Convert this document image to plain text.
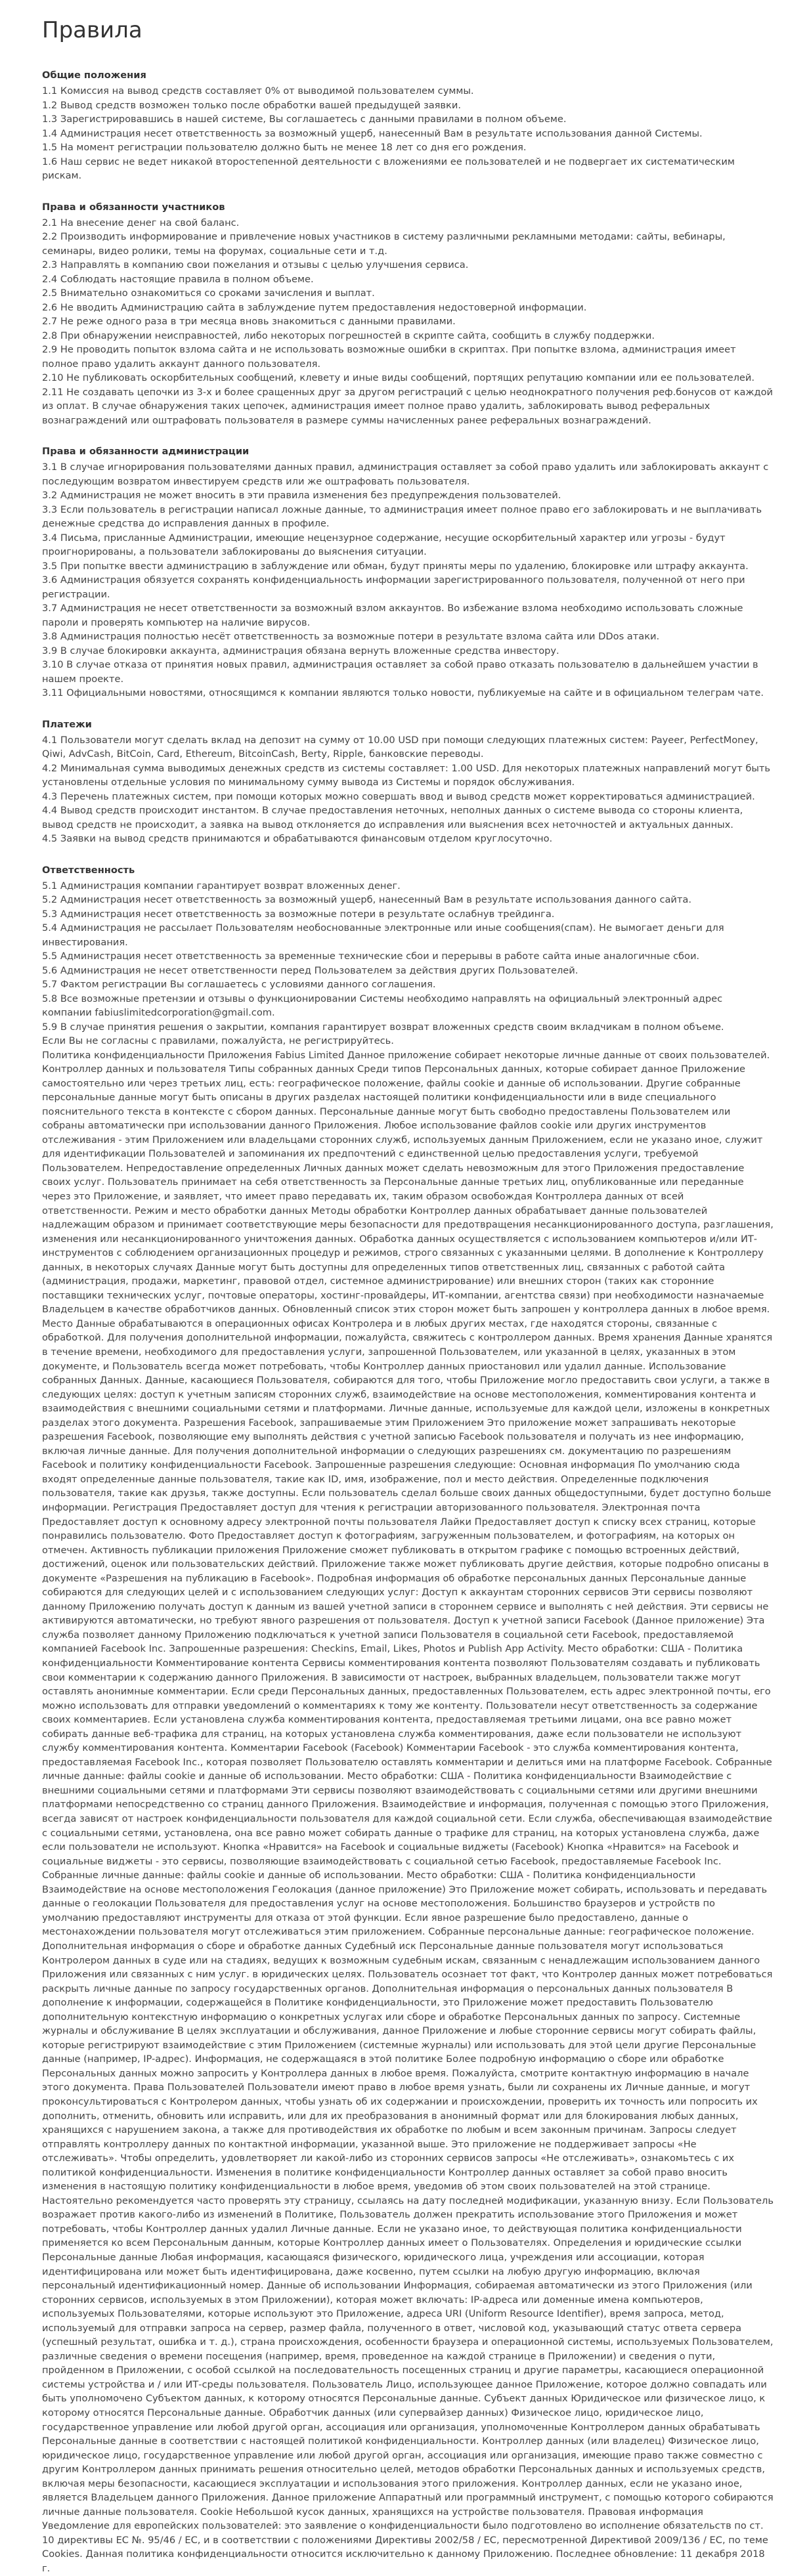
Правила
Общие положения

1.1 Комиссия на вывод средств составляет 0% от выводимой пользователем суммы.

1.2 Вывод средств возможен только после обработки вашей предыдущей заявки.

1.3 Зарегистрировавшись в нашей системе, Вы соглашаетесь с данными правилами в полном объеме.

1.4 Администрация несет ответственность за возможный ущерб, нанесенный Вам в результате использования данной Системы.

1.5 На момент регистрации пользователю должно быть не менее 18 лет со дня его рождения.

1.6 Наш сервис не ведет никакой второстепенной деятельности с вложениями ее пользователей и не подвергает их систематическим рискам.

Права и обязанности участников

2.1 На внесение денег на свой баланс.

2.2 Производить информирование и привлечение новых участников в систему различными рекламными методами: сайты, вебинары, семинары, видео ролики, темы на форумах, социальные сети и т.д.

2.3 Направлять в компанию свои пожелания и отзывы с целью улучшения сервиса.

2.4 Соблюдать настоящие правила в полном объеме.

2.5 Внимательно ознакомиться со сроками зачисления и выплат.

2.6 Не вводить Администрацию сайта в заблуждение путем предоставления недостоверной информации.

2.7 Не реже одного раза в три месяца вновь знакомиться с данными правилами.

2.8 При обнаружении неисправностей, либо некоторых погрешностей в скрипте сайта, сообщить в службу поддержки.

2.9 Не проводить попыток взлома сайта и не использовать возможные ошибки в скриптах. При попытке взлома, администрация имеет полное право удалить аккаунт данного пользователя.

2.10 Не публиковать оскорбительных сообщений, клевету и иные виды сообщений, портящих репутацию компании или ее пользователей.

2.11 Не создавать цепочки из 3-х и более сращенных друг за другом регистраций с целью неоднократного получения реф.бонусов от каждой из оплат. В случае обнаружения таких цепочек, администрация имеет полное право удалить, заблокировать вывод реферальных вознаграждений или оштрафовать пользователя в размере суммы начисленных ранее реферальных вознаграждений.

Права и обязанности администрации

3.1 В случае игнорирования пользователями данных правил, администрация оставляет за собой право удалить или заблокировать аккаунт с последующим возвратом инвестируем средств или же оштрафовать пользователя.

3.2 Администрация не может вносить в эти правила изменения без предупреждения пользователей.

3.3 Если пользователь в регистрации написал ложные данные, то администрация имеет полное право его заблокировать и не выплачивать денежные средства до исправления данных в профиле.

3.4 Письма, присланные Администрации, имеющие нецензурное содержание, несущие оскорбительный характер или угрозы - будут проигнорированы, а пользователи заблокированы до выяснения ситуации.

3.5 При попытке ввести администрацию в заблуждение или обман, будут приняты меры по удалению, блокировке или штрафу аккаунта.

3.6 Администрация обязуется сохранять конфиденциальность информации зарегистрированного пользователя, полученной от него при регистрации.

3.7 Администрация не несет ответственности за возможный взлом аккаунтов. Во избежание взлома необходимо использовать сложные пароли и проверять компьютер на наличие вирусов.

3.8 Администрация полностью несёт ответственность за возможные потери в результате взлома сайта или DDos атаки.

3.9 В случае блокировки аккаунта, администрация обязана вернуть вложенные средства инвестору.

3.10 В случае отказа от принятия новых правил, администрация оставляет за собой право отказать пользователю в дальнейшем участии в нашем проекте.

3.11 Официальными новостями, относящимся к компании являются только новости, публикуемые на сайте и в официальном телеграм чате.

Платежи

4.1 Пользователи могут сделать вклад на депозит на сумму от 10.00 USD при помощи следующих платежных систем: Payeer, PerfectMoney, Qiwi, AdvCash, BitCoin, Card, Ethereum, BitcoinCash, Berty, Ripple, банковские переводы.

4.2 Минимальная сумма выводимых денежных средств из системы составляет: 1.00 USD. Для некоторых платежных направлений могут быть установлены отдельные условия по минимальному сумму вывода из Системы и порядок обслуживания.

4.3 Перечень платежных систем, при помощи которых можно совершать ввод и вывод средств может корректироваться администрацией.

4.4 Вывод средств происходит инстантом. В случае предоставления неточных, неполных данных о системе вывода со стороны клиента, вывод средств не происходит, а заявка на вывод отклоняется до исправления или выяснения всех неточностей и актуальных данных.

4.5 Заявки на вывод средств принимаются и обрабатываются финансовым отделом круглосуточно.

Ответственность

5.1 Администрация компании гарантирует возврат вложенных денег.

5.2 Администрация несет ответственность за возможный ущерб, нанесенный Вам в результате использования данного сайта.

5.3 Администрация несет ответственность за возможные потери в результате ослабнув трейдинга.

5.4 Администрация не рассылает Пользователям необоснованные электронные или иные сообщения(спам). Не вымогает деньги для инвестирования.

5.5 Администрация несет ответственность за временные технические сбои и перерывы в работе сайта иные аналогичные сбои.

5.6 Администрация не несет ответственности перед Пользователем за действия других Пользователей.

5.7 Фактом регистрации Вы соглашаетесь с условиями данного соглашения.

5.8 Все возможные претензии и отзывы о функционировании Системы необходимо направлять на официальный электронный адрес компании fabiuslimitedcorporation@gmail.com.

5.9 В случае принятия решения о закрытии, компания гарантирует возврат вложенных средств своим вкладчикам в полном объеме.

Если Вы не согласны с правилами, пожалуйста, не регистрируйтесь.

Политика конфиденциальности Приложения Fabius Limited Данное приложение собирает некоторые личные данные от своих пользователей. Контроллер данных и пользователя Типы собранных данных Среди типов Персональных данных, которые собирает данное Приложение самостоятельно или через третьих лиц, есть: географическое положение, файлы cookie и данные об использовании. Другие собранные персональные данные могут быть описаны в других разделах настоящей политики конфиденциальности или в виде специального пояснительного текста в контексте с сбором данных. Персональные данные могут быть свободно предоставлены Пользователем или собраны автоматически при использовании данного Приложения. Любое использование файлов cookie или других инструментов отслеживания - этим Приложением или владельцами сторонних служб, используемых данным Приложением, если не указано иное, служит для идентификации Пользователей и запоминания их предпочтений с единственной целью предоставления услуги, требуемой Пользователем. Непредоставление определенных Личных данных может сделать невозможным для этого Приложения предоставление своих услуг. Пользователь принимает на себя ответственность за Персональные данные третьих лиц, опубликованные или переданные через это Приложение, и заявляет, что имеет право передавать их, таким образом освобождая Контроллера данных от всей ответственности. Режим и место обработки данных Методы обработки Контроллер данных обрабатывает данные пользователей надлежащим образом и принимает соответствующие меры безопасности для предотвращения несанкционированного доступа, разглашения, изменения или несанкционированного уничтожения данных. Обработка данных осуществляется с использованием компьютеров и/или ИТ-инструментов с соблюдением организационных процедур и режимов, строго связанных с указанными целями. В дополнение к Контроллеру данных, в некоторых случаях Данные могут быть доступны для определенных типов ответственных лиц, связанных с работой сайта (администрация, продажи, маркетинг, правовой отдел, системное администрирование) или внешних сторон (таких как сторонние поставщики технических услуг, почтовые операторы, хостинг-провайдеры, ИТ-компании, агентства связи) при необходимости назначаемые Владельцем в качестве обработчиков данных. Обновленный список этих сторон может быть запрошен у контроллера данных в любое время. Место Данные обрабатываются в операционных офисах Контролера и в любых других местах, где находятся стороны, связанные с обработкой. Для получения дополнительной информации, пожалуйста, свяжитесь с контроллером данных. Время хранения Данные хранятся в течение времени, необходимого для предоставления услуги, запрошенной Пользователем, или указанной в целях, указанных в этом документе, и Пользователь всегда может потребовать, чтобы Контроллер данных приостановил или удалил данные. Использование собранных Данных. Данные, касающиеся Пользователя, собираются для того, чтобы Приложение могло предоставить свои услуги, а также в следующих целях: доступ к учетным записям сторонних служб, взаимодействие на основе местоположения, комментирования контента и взаимодействия с внешними социальными сетями и платформами. Личные данные, используемые для каждой цели, изложены в конкретных разделах этого документа. Разрешения Facebook, запрашиваемые этим Приложением Это приложение может запрашивать некоторые разрешения Facebook, позволяющие ему выполнять действия с учетной записью Facebook пользователя и получать из нее информацию, включая личные данные. Для получения дополнительной информации о следующих разрешениях см. документацию по разрешениям Facebook и политику конфиденциальности Facebook. Запрошенные разрешения следующие: Основная информация По умолчанию сюда входят определенные данные пользователя, такие как ID, имя, изображение, пол и место действия. Определенные подключения пользователя, такие как друзья, также доступны. Если пользователь сделал больше своих данных общедоступными, будет доступно больше информации. Регистрация Предоставляет доступ для чтения к регистрации авторизованного пользователя. Электронная почта Предоставляет доступ к основному адресу электронной почты пользователя Лайки Предоставляет доступ к списку всех страниц, которые понравились пользователю. Фото Предоставляет доступ к фотографиям, загруженным пользователем, и фотографиям, на которых он отмечен. Активность публикации приложения Приложение сможет публиковать в открытом графике с помощью встроенных действий, достижений, оценок или пользовательских действий. Приложение также может публиковать другие действия, которые подробно описаны в документе «Разрешения на публикацию в Facebook». Подробная информация об обработке персональных данных Персональные данные собираются для следующих целей и с использованием следующих услуг: Доступ к аккаунтам сторонних сервисов Эти сервисы позволяют данному Приложению получать доступ к данным из вашей учетной записи в стороннем сервисе и выполнять с ней действия. Эти сервисы не активируются автоматически, но требуют явного разрешения от пользователя. Доступ к учетной записи Facebook (Данное приложение) Эта служба позволяет данному Приложению подключаться к учетной записи Пользователя в социальной сети Facebook, предоставляемой компанией Facebook Inc. Запрошенные разрешения: Checkins, Email, Likes, Photos и Publish App Activity. Место обработки: США - Политика конфиденциальности Комментирование контента Сервисы комментирования контента позволяют Пользователям создавать и публиковать свои комментарии к содержанию данного Приложения. В зависимости от настроек, выбранных владельцем, пользователи также могут оставлять анонимные комментарии. Если среди Персональных данных, предоставленных Пользователем, есть адрес электронной почты, его можно использовать для отправки уведомлений о комментариях к тому же контенту. Пользователи несут ответственность за содержание своих комментариев. Если установлена служба комментирования контента, предоставляемая третьими лицами, она все равно может собирать данные веб-трафика для страниц, на которых установлена служба комментирования, даже если пользователи не используют службу комментирования контента. Комментарии Facebook (Facebook) Комментарии Facebook - это служба комментирования контента, предоставляемая Facebook Inc., которая позволяет Пользователю оставлять комментарии и делиться ими на платформе Facebook. Собранные личные данные: файлы cookie и данные об использовании. Место обработки: США - Политика конфиденциальности Взаимодействие с внешними социальными сетями и платформами Эти сервисы позволяют взаимодействовать с социальными сетями или другими внешними платформами непосредственно со страниц данного Приложения. Взаимодействие и информация, полученная с помощью этого Приложения, всегда зависят от настроек конфиденциальности пользователя для каждой социальной сети. Если служба, обеспечивающая взаимодействие с социальными сетями, установлена, она все равно может собирать данные о трафике для страниц, на которых установлена служба, даже если пользователи не используют. Кнопка «Нравится» на Facebook и социальные виджеты (Facebook) Кнопка «Нравится» на Facebook и социальные виджеты - это сервисы, позволяющие взаимодействовать с социальной сетью Facebook, предоставляемые Facebook Inc. Собранные личные данные: файлы cookie и данные об использовании. Место обработки: США - Политика конфиденциальности Взаимодействие на основе местоположения Геолокация (данное приложение) Это Приложение может собирать, использовать и передавать данные о геолокации Пользователя для предоставления услуг на основе местоположения. Большинство браузеров и устройств по умолчанию предоставляют инструменты для отказа от этой функции. Если явное разрешение было предоставлено, данные о местонахождении пользователя могут отслеживаться этим приложением. Собранные персональные данные: географическое положение. Дополнительная информация о сборе и обработке данных Судебный иск Персональные данные пользователя могут использоваться Контролером данных в суде или на стадиях, ведущих к возможным судебным искам, связанным с ненадлежащим использованием данного Приложения или связанных с ним услуг. в юридических целях. Пользователь осознает тот факт, что Контролер данных может потребоваться раскрыть личные данные по запросу государственных органов. Дополнительная информация о персональных данных пользователя В дополнение к информации, содержащейся в Политике конфиденциальности, это Приложение может предоставить Пользователю дополнительную контекстную информацию о конкретных услугах или сборе и обработке Персональных данных по запросу. Системные журналы и обслуживание В целях эксплуатации и обслуживания, данное Приложение и любые сторонние сервисы могут собирать файлы, которые регистрируют взаимодействие с этим Приложением (системные журналы) или использовать для этой цели другие Персональные данные (например, IP-адрес). Информация, не содержащаяся в этой политике Более подробную информацию о сборе или обработке Персональных данных можно запросить у Контроллера данных в любое время. Пожалуйста, смотрите контактную информацию в начале этого документа. Права Пользователей Пользователи имеют право в любое время узнать, были ли сохранены их Личные данные, и могут проконсультироваться с Контролером данных, чтобы узнать об их содержании и происхождении, проверить их точность или попросить их дополнить, отменить, обновить или исправить, или для их преобразования в анонимный формат или для блокирования любых данных, хранящихся с нарушением закона, а также для противодействия их обработке по любым и всем законным причинам. Запросы следует отправлять контроллеру данных по контактной информации, указанной выше. Это приложение не поддерживает запросы «Не отслеживать». Чтобы определить, удовлетворяет ли какой-либо из сторонних сервисов запросы «Не отслеживать», ознакомьтесь с их политикой конфиденциальности. Изменения в политике конфиденциальности Контроллер данных оставляет за собой право вносить изменения в настоящую политику конфиденциальности в любое время, уведомив об этом своих пользователей на этой странице. Настоятельно рекомендуется часто проверять эту страницу, ссылаясь на дату последней модификации, указанную внизу. Если Пользователь возражает против какого-либо из изменений в Политике, Пользователь должен прекратить использование этого Приложения и может потребовать, чтобы Контроллер данных удалил Личные данные. Если не указано иное, то действующая политика конфиденциальности применяется ко всем Персональным данным, которые Контроллер данных имеет о Пользователях. Определения и юридические ссылки Персональные данные Любая информация, касающаяся физического, юридического лица, учреждения или ассоциации, которая идентифицирована или может быть идентифицирована, даже косвенно, путем ссылки на любую другую информацию, включая персональный идентификационный номер. Данные об использовании Информация, собираемая автоматически из этого Приложения (или сторонних сервисов, используемых в этом Приложении), которая может включать: IP-адреса или доменные имена компьютеров, используемых Пользователями, которые используют это Приложение, адреса URI (Uniform Resource Identifier), время запроса, метод, используемый для отправки запроса на сервер, размер файла, полученного в ответ, числовой код, указывающий статус ответа сервера (успешный результат, ошибка и т. д.), страна происхождения, особенности браузера и операционной системы, используемых Пользователем, различные сведения о времени посещения (например, время, проведенное на каждой странице в Приложении) и сведения о пути, пройденном в Приложении, с особой ссылкой на последовательность посещенных страниц и другие параметры, касающиеся операционной системы устройства и / или ИТ-среды пользователя. Пользователь Лицо, использующее данное Приложение, которое должно совпадать или быть уполномочено Субъектом данных, к которому относятся Персональные данные. Субъект данных Юридическое или физическое лицо, к которому относятся Персональные данные. Обработчик данных (или супервайзер данных) Физическое лицо, юридическое лицо, государственное управление или любой другой орган, ассоциация или организация, уполномоченные Контроллером данных обрабатывать Персональные данные в соответствии с настоящей политикой конфиденциальности. Контроллер данных (или владелец) Физическое лицо, юридическое лицо, государственное управление или любой другой орган, ассоциация или организация, имеющие право также совместно с другим Контроллером данных принимать решения относительно целей, методов обработки Персональных данных и используемых средств, включая меры безопасности, касающиеся эксплуатации и использования этого приложения. Контроллер данных, если не указано иное, является Владельцем данного Приложения. Данное приложение Аппаратный или программный инструмент, с помощью которого собираются личные данные пользователя. Cookie Небольшой кусок данных, хранящихся на устройстве пользователя. Правовая информация Уведомление для европейских пользователей: это заявление о конфиденциальности было подготовлено во исполнение обязательств по ст. 10 директивы ЕС №. 95/46 / ЕС, и в соответствии с положениями Директивы 2002/58 / ЕС, пересмотренной Директивой 2009/136 / ЕС, по теме Cookies. Данная политика конфиденциальности относится исключительно к данному Приложению. Последнее обновление: 11 декабря 2018 г.
